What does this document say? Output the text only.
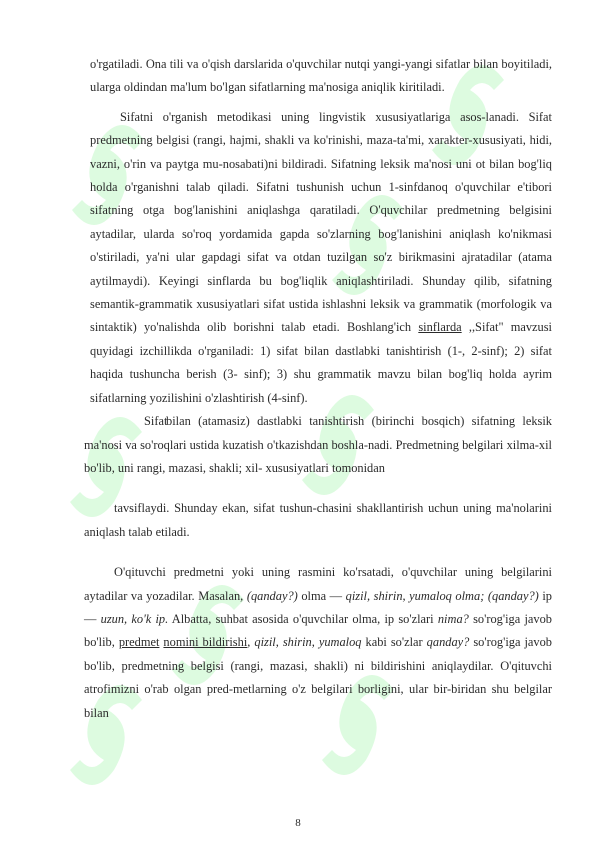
o'rgatiladi. Ona tili va o'qish darslarida o'quvchilar nutqi yangi-yangi sifatlar bilan boyitiladi, ularga oldindan ma'lum bo'lgan sifatlarning ma'nosiga aniqlik kiritiladi.

Sifatni o'rganish metodikasi uning lingvistik xususiyatlariga asos-lanadi. Sifat predmetning belgisi (rangi, hajmi, shakli va ko'rinishi, maza-ta'mi, xarakter-xususiyati, hidi, vazni, o'rin va paytga mu-nosabati)ni bildiradi. Sifatning leksik ma'nosi uni ot bilan bog'liq holda o'rganishni talab qiladi. Sifatni tushunish uchun 1-sinfdanoq o'quvchilar e'tibori sifatning otga bog'lanishini aniqlashga qaratiladi. O'quvchilar predmetning belgisini aytadilar, ularda so'roq yordamida gapda so'zlarning bog'lanishini aniqlash ko'nikmasi o'stiriladi, ya'ni ular gapdagi sifat va otdan tuzilgan so'z birikmasini ajratadilar (atama aytilmaydi). Keyingi sinflarda bu bog'liqlik aniqlashtiriladi. Shunday qilib, sifatning semantik-grammatik xususiyatlari sifat ustida ishlashni leksik va grammatik (morfologik va sintaktik) yo'nalishda olib borishni talab etadi. Boshlang'ich sinflarda ,,Sifat" mavzusi quyidagi izchillikda o'rganiladi: 1) sifat bilan dastlabki tanishtirish (1-, 2-sinf); 2) sifat haqida tushuncha berish (3- sinf); 3) shu grammatik mavzu bilan bog'liq holda ayrim sifatlarning yozilishini o'zlashtirish (4-sinf).

Sifatbilan (atamasiz) dastlabki tanishtirish (birinchi bosqich) sifatning leksik ma'nosi va so'roqlari ustida kuzatish o'tkazishdan boshla-nadi. Predmetning belgilari xilma-xil bo'lib, uni rangi, mazasi, shakli; xil- xususiyatlari tomonidan

tavsiflaydi. Shunday ekan, sifat tushun-chasini shakllantirish uchun uning ma'nolarini aniqlash talab etiladi.

O'qituvchi predmetni yoki uning rasmini ko'rsatadi, o'quvchilar uning belgilarini aytadilar va yozadilar. Masalan, (qanday?) olma — qizil, shirin, yumaloq olma; (qanday?) ip — uzun, ko'k ip. Albatta, suhbat asosida o'quvchilar olma, ip so'zlari nima? so'rog'iga javob bo'lib, predmet nomini bildirishi, qizil, shirin, yumaloq kabi so'zlar qanday? so'rog'iga javob bo'lib, predmetning belgisi (rangi, mazasi, shakli) ni bildirishini aniqlaydilar. O'qituvchi atrofimizni o'rab olgan pred-metlarning o'z belgilari borligini, ular bir-biridan shu belgilar bilan

8
